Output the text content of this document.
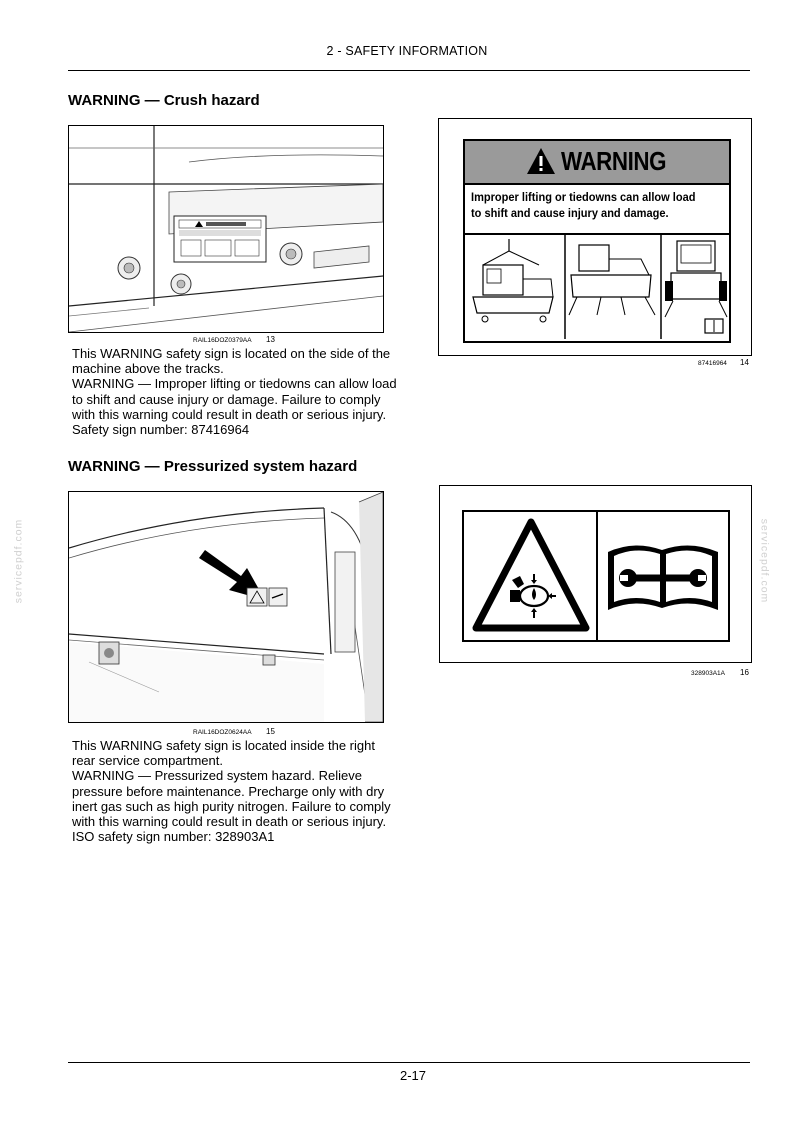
2 - SAFETY INFORMATION
servicepdf.com	servicepdf.com
WARNING — Crush hazard
RAIL16DOZ0379AA 13
WARNING
Improper lifting or tiedowns can allow load
to shift and cause injury and damage.
87416964 14
This WARNING safety sign is located on the side of the
machine above the tracks.
WARNING — Improper lifting or tiedowns can allow load
to shift and cause injury or damage. Failure to comply
with this warning could result in death or serious injury.
Safety sign number: 87416964
WARNING — Pressurized system hazard
RAIL16DOZ0624AA 15
328903A1A 16
This WARNING safety sign is located inside the right
rear service compartment.
WARNING — Pressurized system hazard. Relieve
pressure before maintenance. Precharge only with dry
inert gas such as high purity nitrogen. Failure to comply
with this warning could result in death or serious injury.
ISO safety sign number: 328903A1
2-17
